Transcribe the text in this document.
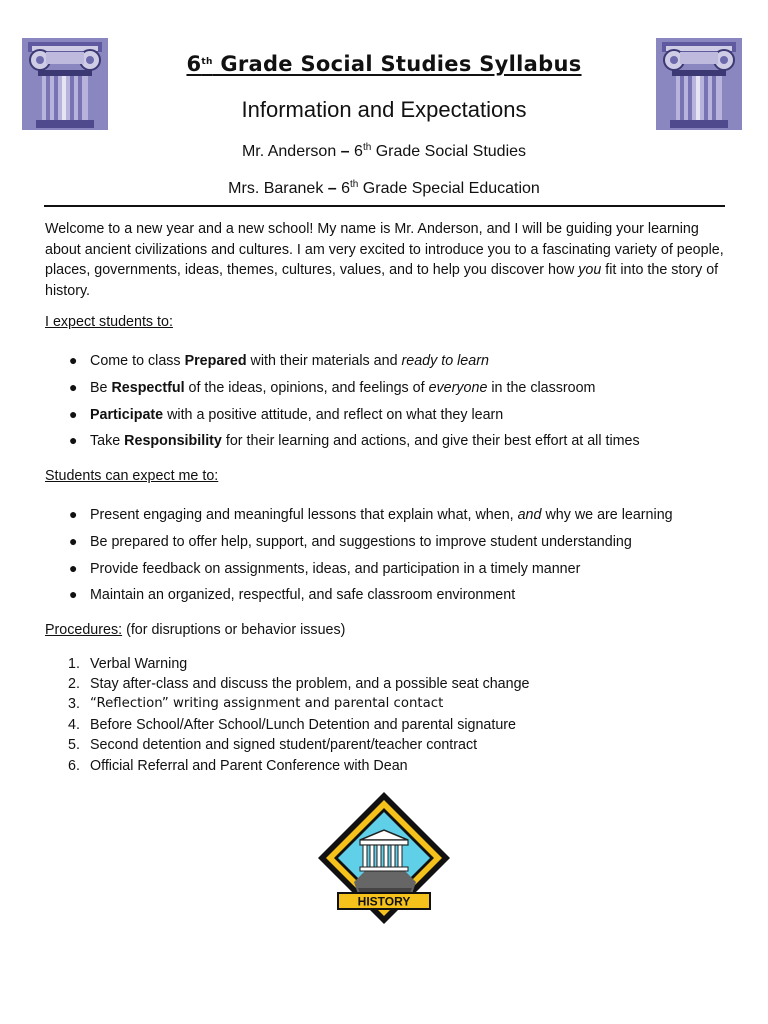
6th Grade Social Studies Syllabus
Information and Expectations
Mr. Anderson – 6th Grade Social Studies
Mrs. Baranek – 6th Grade Special Education
Welcome to a new year and a new school! My name is Mr. Anderson, and I will be guiding your learning about ancient civilizations and cultures. I am very excited to introduce you to a fascinating variety of people, places, governments, ideas, themes, cultures, values, and to help you discover how you fit into the story of history.
I expect students to:
● Come to class Prepared with their materials and ready to learn
● Be Respectful of the ideas, opinions, and feelings of everyone in the classroom
● Participate with a positive attitude, and reflect on what they learn
● Take Responsibility for their learning and actions, and give their best effort at all times
Students can expect me to:
● Present engaging and meaningful lessons that explain what, when, and why we are learning
● Be prepared to offer help, support, and suggestions to improve student understanding
● Provide feedback on assignments, ideas, and participation in a timely manner
● Maintain an organized, respectful, and safe classroom environment
Procedures: (for disruptions or behavior issues)
1. Verbal Warning
2. Stay after-class and discuss the problem, and a possible seat change
3. “Reflection” writing assignment and parental contact
4. Before School/After School/Lunch Detention and parental signature
5. Second detention and signed student/parent/teacher contract
6. Official Referral and Parent Conference with Dean
HISTORY
